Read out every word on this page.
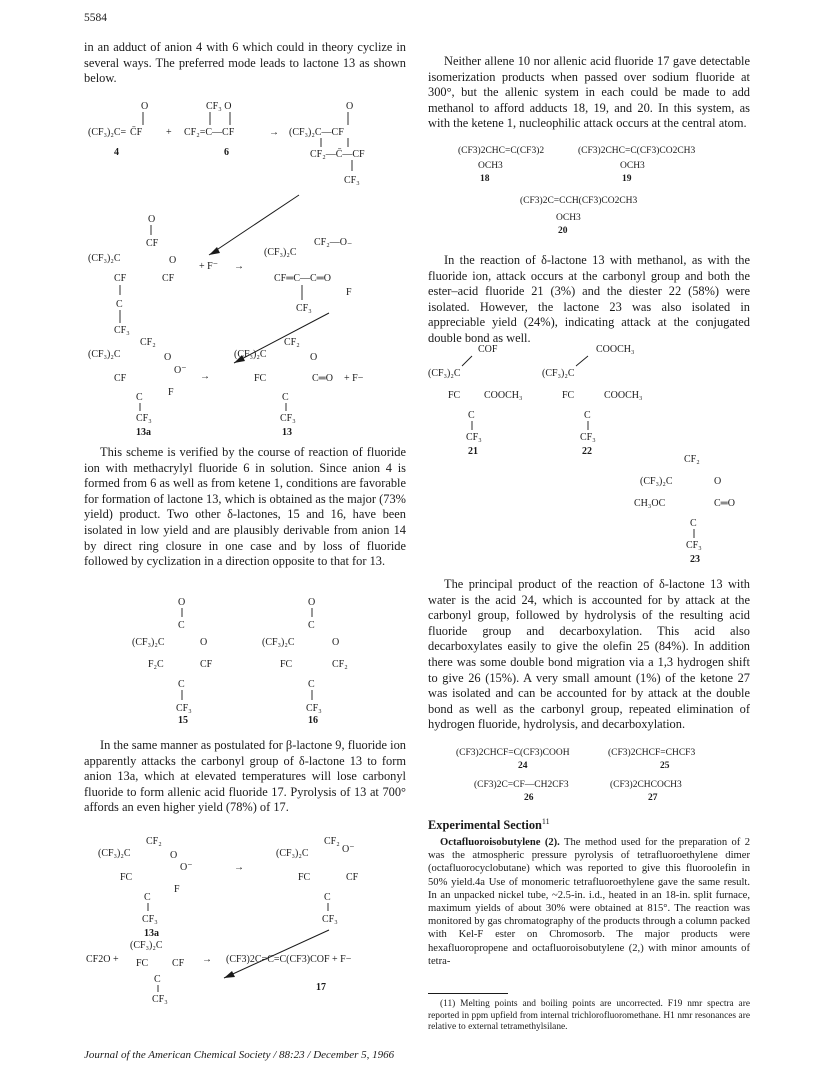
5584

in an adduct of anion 4 with 6 which could in theory cyclize in several ways. The preferred mode leads to lactone 13 as shown below.

(CF₃)₂C= C̄F
O
+ CF₂=C—CF
CF₃ O
→ (CF₃)₂C—CF
O
CF₂—C̄—CF
CF₃
4	6
O
CF
(CF₃)₂C
CF	CF
O
C
CF₃
+ F⁻ →
(CF₃)₂C
CF₂—O₋
CF═C—C═O
F
CF₃
(CF₃)₂C
CF₂
O
O⁻
CF
F
C
CF₃
→
(CF₃)₂C
CF₂
O
FC	C═O + F−
C
CF₃
13a	13

This scheme is verified by the course of reaction of fluoride ion with methacrylyl fluoride 6 in solution. Since anion 4 is formed from 6 as well as from ketene 1, conditions are favorable for formation of lactone 13, which is obtained as the major (73% yield) product. Two other δ-lactones, 15 and 16, have been isolated in low yield and are plausibly derivable from anion 14 by direct ring closure in one case and by loss of fluoride followed by cyclization in a direction opposite to that for 13.

O
C
(CF₃)₂C	O
F₂C	CF
C
CF₃
15
O
C
(CF₃)₂C	O
FC	CF₂
C
CF₃
16

In the same manner as postulated for β-lactone 9, fluoride ion apparently attacks the carbonyl group of δ-lactone 13 to form anion 13a, which at elevated temperatures will lose carbonyl fluoride to form allenic acid fluoride 17. Pyrolysis of 13 at 700° affords an even higher yield (78%) of 17.

(CF₃)₂C
CF₂
O
O⁻
FC
F
C
CF₃
13a
→
(CF₃)₂C
CF₂
O⁻
FC	CF
C
CF₃
CF2O +
(CF₃)₂C
FC CF
C
CF₃
→ (CF3)2C=C=C(CF3)COF + F−
17

Neither allene 10 nor allenic acid fluoride 17 gave detectable isomerization products when passed over sodium fluoride at 300°, but the allenic system in each could be made to add methanol to afford adducts 18, 19, and 20. In this system, as with the ketene 1, nucleophilic attack occurs at the central atom.

(CF3)2CHC=C(CF3)2
OCH3
18
(CF3)2CHC=C(CF3)CO2CH3
OCH3
19
(CF3)2C=CCH(CF3)CO2CH3
OCH3
20

In the reaction of δ-lactone 13 with methanol, as with the fluoride ion, attack occurs at the carbonyl group and both the ester–acid fluoride 21 (3%) and the diester 22 (58%) were isolated. However, the lactone 23 was also isolated in appreciable yield (24%), indicating attack at the conjugated double bond as well.

COF
(CF₃)₂C
FC COOCH₃
C
CF₃
21
COOCH₃
(CF₃)₂C
FC	COOCH₃
C
CF₃
22
CF₂
(CF₃)₂C	O
CH₃OC	C═O
C
CF₃
23

The principal product of the reaction of δ-lactone 13 with water is the acid 24, which is accounted for by attack at the carbonyl group, followed by hydrolysis of the resulting acid fluoride group and decarboxylation. This acid also decarboxylates easily to give the olefin 25 (84%). In addition there was some double bond migration via a 1,3 hydrogen shift to give 26 (15%). A very small amount (1%) of the ketone 27 was isolated and can be accounted for by attack at the double bond as well as the carbonyl group, repeated elimination of hydrogen fluoride, hydrolysis, and decarboxylation.

(CF3)2CHCF=C(CF3)COOH
24
(CF3)2CHCF=CHCF3
25
(CF3)2C=CF—CH2CF3
26
(CF3)2CHCOCH3
27
Experimental Section$^{11}$

Octafluoroisobutylene (2). The method used for the preparation of 2 was the atmospheric pressure pyrolysis of tetrafluoroethylene dimer (octafluorocyclobutane) which was reported to give this fluoroolefin in 50% yield.4a Use of monomeric tetrafluoroethylene gave the same result. In an unpacked nickel tube, ~2.5-in. i.d., heated in an 18-in. split furnace, maximum yields of about 30% were obtained at 815°. The reaction was monitored by gas chromatography of the products through a column packed with Kel-F ester on Chromosorb. The major products were hexafluoropropene and octafluoroisobutylene (2,) with minor amounts of tetra-

(11) Melting points and boiling points are uncorrected. F19 nmr spectra are reported in ppm upfield from internal trichlorofluoromethane. H1 nmr resonances are relative to external tetramethylsilane.

Journal of the American Chemical Society / 88:23 / December 5, 1966
